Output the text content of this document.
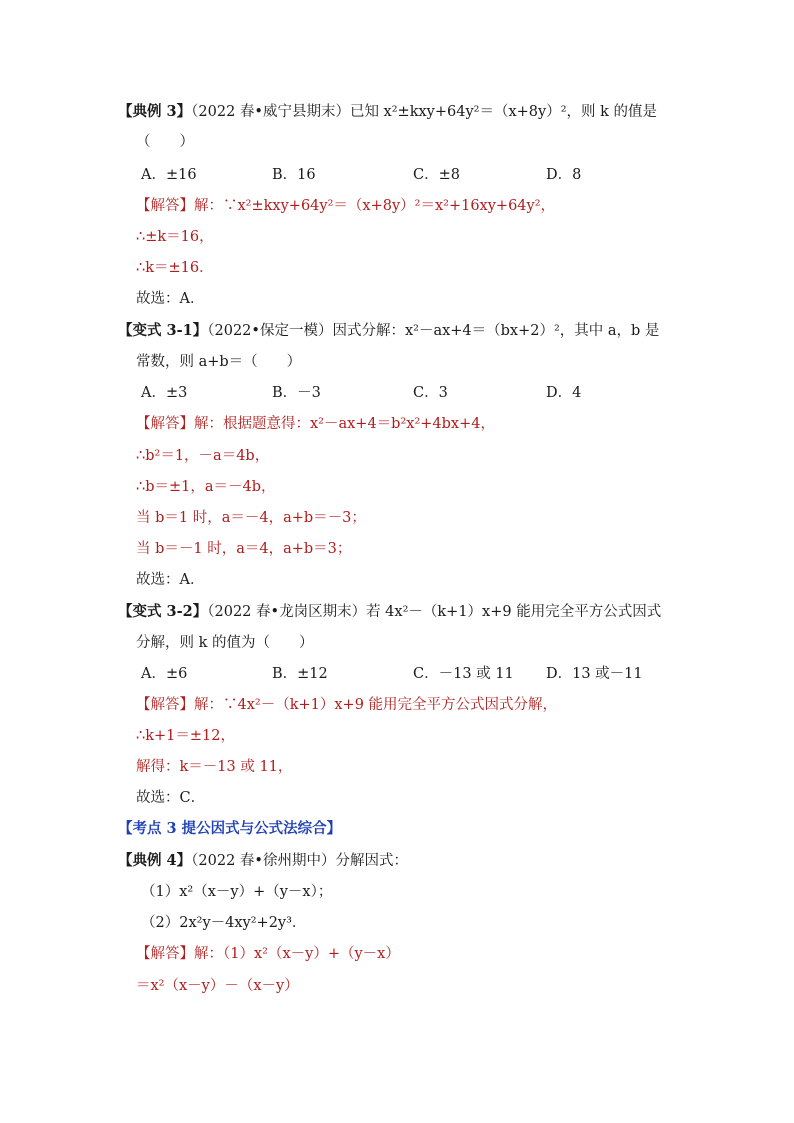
【典例 3】（2022 春•威宁县期末）已知 x²±kxy+64y²＝（x+8y）²，则 k 的值是
（　　）
A．±16	B．16	C．±8	D．8
【解答】解：∵x²±kxy+64y²＝（x+8y）²＝x²+16xy+64y²，
∴±k＝16，
∴k＝±16．
故选：A．
【变式 3-1】（2022•保定一模）因式分解：x²－ax+4＝（bx+2）²，其中 a，b 是
常数，则 a+b＝（　　）
A．±3	B．－3	C．3	D．4
【解答】解：根据题意得：x²－ax+4＝b²x²+4bx+4，
∴b²＝1，－a＝4b，
∴b＝±1，a＝－4b，
当 b＝1 时，a＝－4，a+b＝－3；
当 b＝－1 时，a＝4，a+b＝3；
故选：A．
【变式 3-2】（2022 春•龙岗区期末）若 4x²－（k+1）x+9 能用完全平方公式因式
分解，则 k 的值为（　　）
A．±6	B．±12	C．－13 或 11 D．13 或－11
【解答】解：∵4x²－（k+1）x+9 能用完全平方公式因式分解，
∴k+1＝±12，
解得：k＝－13 或 11，
故选：C．
【考点 3 提公因式与公式法综合】
【典例 4】（2022 春•徐州期中）分解因式：
（1）x²（x－y）+（y－x）；
（2）2x²y－4xy²+2y³．
【解答】解：（1）x²（x－y）+（y－x）
＝x²（x－y）－（x－y）
